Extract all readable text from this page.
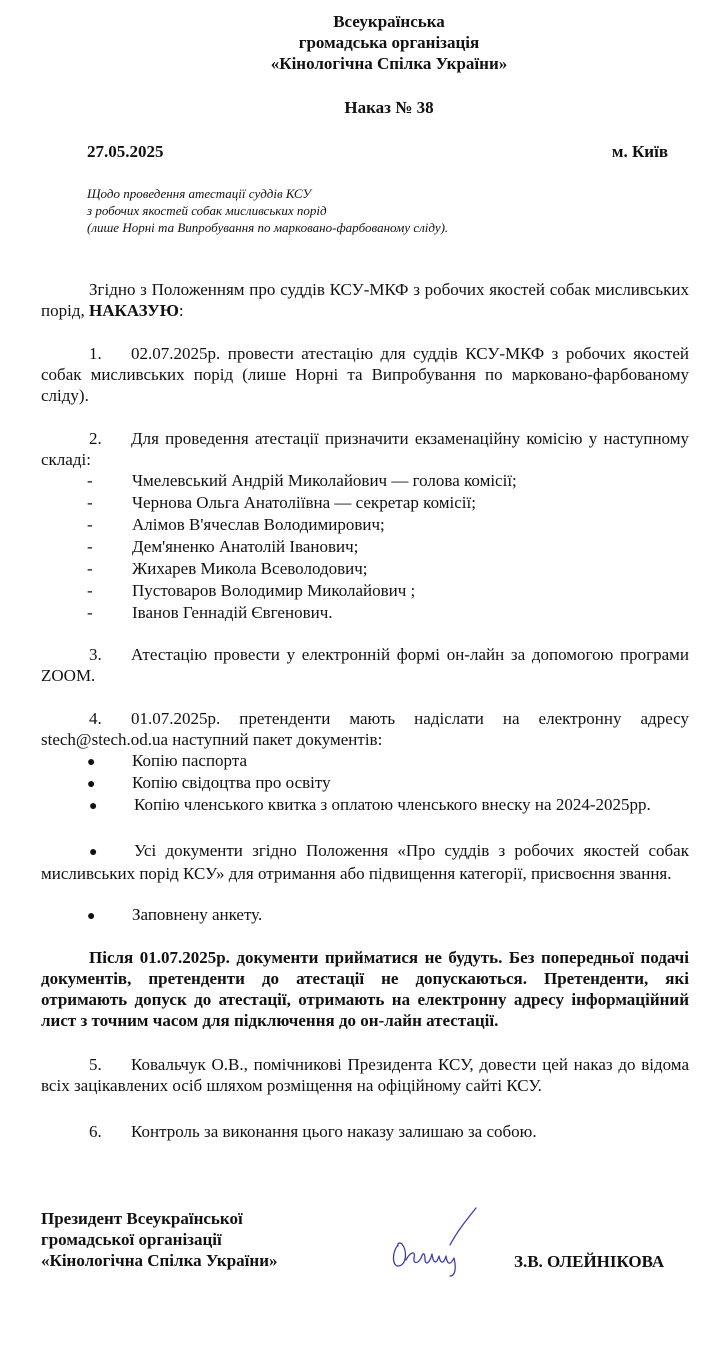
Всеукраїнська
громадська організація
«Кінологічна Спілка України»
Наказ № 38
27.05.2025	м. Київ
Щодо проведення атестації суддів КСУ
з робочих якостей собак мисливських порід
(лише Норні та Випробування по марковано-фарбованому сліду).
Згідно з Положенням про суддів КСУ-МКФ з робочих якостей собак мисливських порід, НАКАЗУЮ:
1. 02.07.2025р. провести атестацію для суддів КСУ-МКФ з робочих якостей собак мисливських порід (лише Норні та Випробування по марковано-фарбованому сліду).
2. Для проведення атестації призначити екзаменаційну комісію у наступному складі:
- Чмелевський Андрій Миколайович — голова комісії;
- Чернова Ольга Анатоліївна — секретар комісії;
- Алімов В'ячеслав Володимирович;
- Дем'яненко Анатолій Іванович;
- Жихарев Микола Всеволодович;
- Пустоваров Володимир Миколайович ;
- Іванов Геннадій Євгенович.
3. Атестацію провести у електронній формі он-лайн за допомогою програми ZOOM.
4. 01.07.2025р. претенденти мають надіслати на електронну адресу stech@stech.od.ua наступний пакет документів:
● Копію паспорта
● Копію свідоцтва про освіту
● Копію членського квитка з оплатою членського внеску на 2024-2025рр.
● Усі документи згідно Положення «Про суддів з робочих якостей собак мисливських порід КСУ» для отримання або підвищення категорії, присвоєння звання.
● Заповнену анкету.
Після 01.07.2025р. документи прийматися не будуть. Без попередньої подачі документів, претенденти до атестації не допускаються. Претенденти, які отримають допуск до атестації, отримають на електронну адресу інформаційний лист з точним часом для підключення до он-лайн атестації.
5. Ковальчук О.В., помічникові Президента КСУ, довести цей наказ до відома всіх зацікавлених осіб шляхом розміщення на офіційному сайті КСУ.
6. Контроль за виконання цього наказу залишаю за собою.
Президент Всеукраїнської
громадської організації
«Кінологічна Спілка України»	З.В. ОЛЕЙНІКОВА
